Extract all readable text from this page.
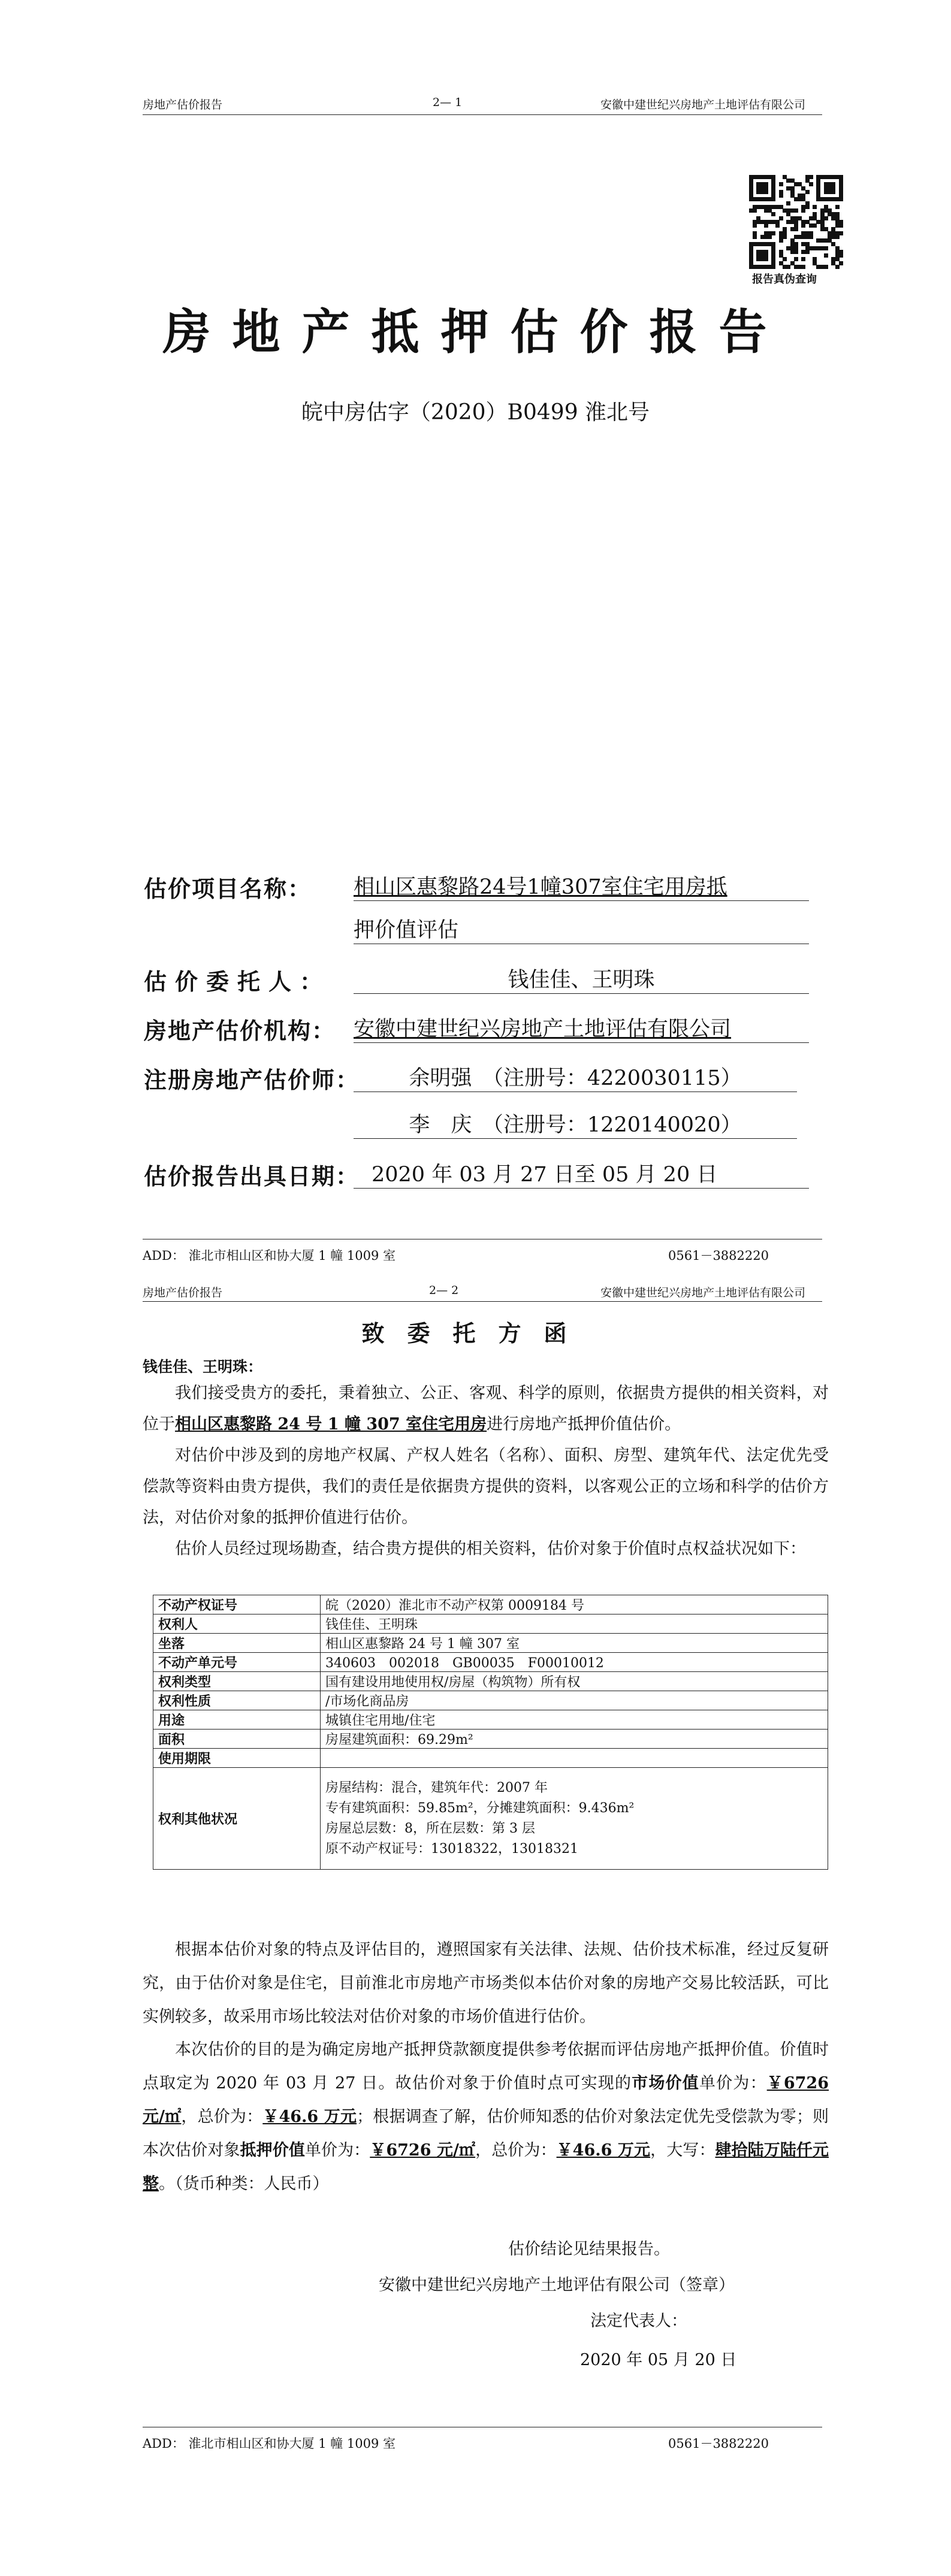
房地产估价报告	2— 1	安徽中建世纪兴房地产土地评估有限公司
报告真伪查询
房地产抵押估价报告
皖中房估字（2020）B0499 淮北号
估价项目名称： 相山区惠黎路24号1幢307室住宅用房抵
押价值评估
估价委托人：	钱佳佳、王明珠
房地产估价机构： 安徽中建世纪兴房地产土地评估有限公司
注册房地产估价师：	余明强　（注册号：4220030115）
李　庆　（注册号：1220140020）
估价报告出具日期： 2020 年 03 月 27 日至 05 月 20 日
ADD： 淮北市相山区和协大厦 1 幢 1009 室	0561－3882220
房地产估价报告	2— 2	安徽中建世纪兴房地产土地评估有限公司
致委托方函
钱佳佳、王明珠：
我们接受贵方的委托，秉着独立、公正、客观、科学的原则，依据贵方提供的相关资料，对位于相山区惠黎路 24 号 1 幢 307 室住宅用房进行房地产抵押价值估价。
对估价中涉及到的房地产权属、产权人姓名（名称）、面积、房型、建筑年代、法定优先受偿款等资料由贵方提供，我们的责任是依据贵方提供的资料，以客观公正的立场和科学的估价方法，对估价对象的抵押价值进行估价。
估价人员经过现场勘查，结合贵方提供的相关资料，估价对象于价值时点权益状况如下：
不动产权证号	皖（2020）淮北市不动产权第 0009184 号

权利人	钱佳佳、王明珠

坐落	相山区惠黎路 24 号 1 幢 307 室

不动产单元号	340603　002018　GB00035　F00010012

权利类型	国有建设用地使用权/房屋（构筑物）所有权

权利性质	/市场化商品房

用途	城镇住宅用地/住宅

面积	房屋建筑面积：69.29m²

使用期限	

权利其他状况	房屋结构：混合，建筑年代：2007 年
专有建筑面积：59.85m²，分摊建筑面积：9.436m²
房屋总层数：8，所在层数：第 3 层
原不动产权证号：13018322，13018321
根据本估价对象的特点及评估目的，遵照国家有关法律、法规、估价技术标准，经过反复研究，由于估价对象是住宅，目前淮北市房地产市场类似本估价对象的房地产交易比较活跃，可比实例较多，故采用市场比较法对估价对象的市场价值进行估价。
本次估价的目的是为确定房地产抵押贷款额度提供参考依据而评估房地产抵押价值。价值时点取定为 2020 年 03 月 27 日。故估价对象于价值时点可实现的市场价值单价为：￥6726 元/㎡，总价为：￥46.6 万元；根据调查了解，估价师知悉的估价对象法定优先受偿款为零；则本次估价对象抵押价值单价为：￥6726 元/㎡，总价为：￥46.6 万元，大写：肆拾陆万陆仟元整。（货币种类：人民币）
估价结论见结果报告。
安徽中建世纪兴房地产土地评估有限公司（签章）
法定代表人：
2020 年 05 月 20 日
ADD： 淮北市相山区和协大厦 1 幢 1009 室	0561－3882220
